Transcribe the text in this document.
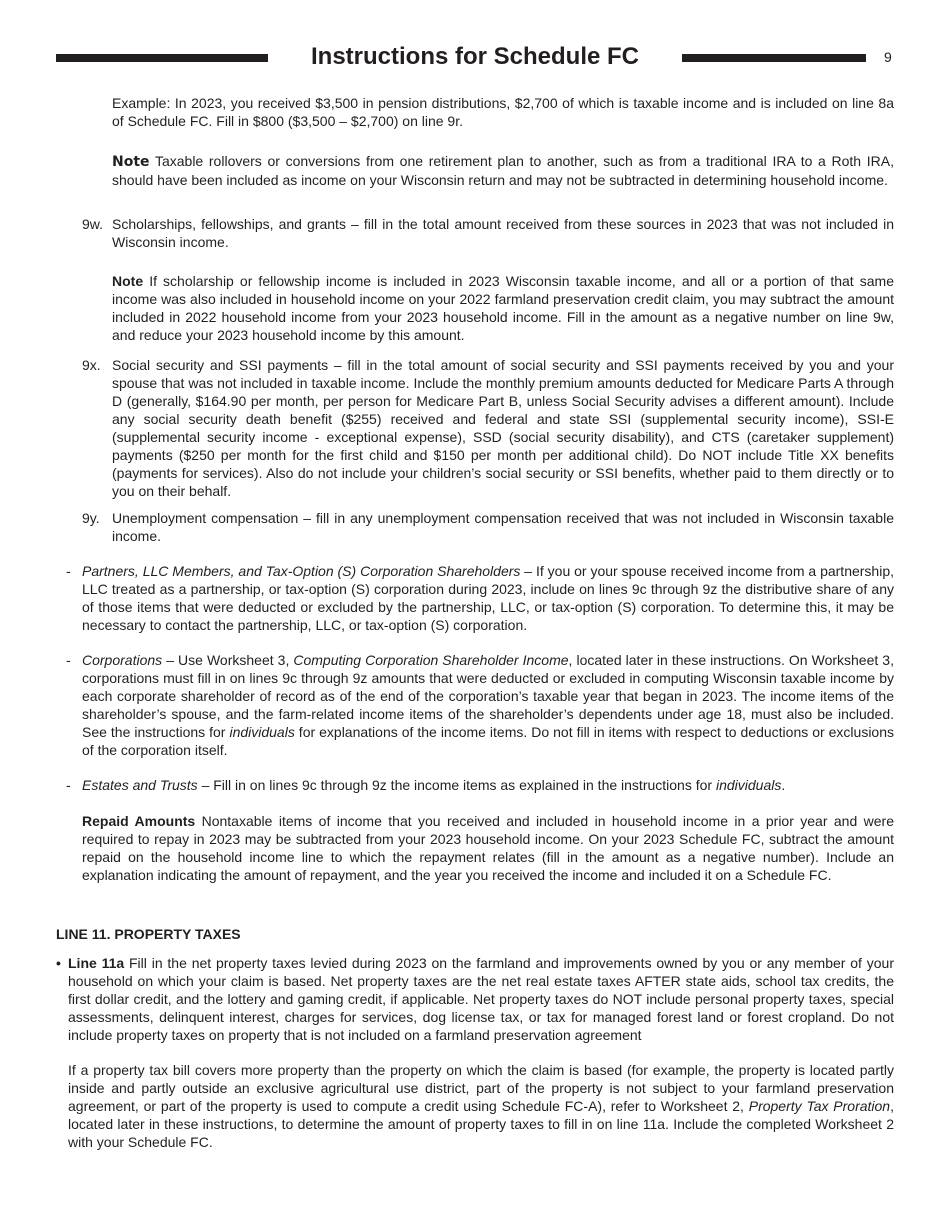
Instructions for Schedule FC	9
Example: In 2023, you received $3,500 in pension distributions, $2,700 of which is taxable income and is included on line 8a of Schedule FC. Fill in $800 ($3,500 – $2,700) on line 9r.
Note Taxable rollovers or conversions from one retirement plan to another, such as from a traditional IRA to a Roth IRA, should have been included as income on your Wisconsin return and may not be subtracted in determining household income.
9w. Scholarships, fellowships, and grants – fill in the total amount received from these sources in 2023 that was not included in Wisconsin income.
Note If scholarship or fellowship income is included in 2023 Wisconsin taxable income, and all or a portion of that same income was also included in household income on your 2022 farmland preservation credit claim, you may subtract the amount included in 2022 household income from your 2023 household income. Fill in the amount as a negative number on line 9w, and reduce your 2023 household income by this amount.
9x. Social security and SSI payments – fill in the total amount of social security and SSI payments received by you and your spouse that was not included in taxable income. Include the monthly premium amounts deducted for Medicare Parts A through D (generally, $164.90 per month, per person for Medicare Part B, unless Social Security advises a different amount). Include any social security death benefit ($255) received and federal and state SSI (supplemental security income), SSI-E (supplemental security income - exceptional expense), SSD (social security disability), and CTS (caretaker supplement) payments ($250 per month for the first child and $150 per month per additional child). Do NOT include Title XX benefits (payments for services). Also do not include your children’s social security or SSI benefits, whether paid to them directly or to you on their behalf.
9y. Unemployment compensation – fill in any unemployment compensation received that was not included in Wisconsin taxable income.
- Partners, LLC Members, and Tax-Option (S) Corporation Shareholders – If you or your spouse received income from a partnership, LLC treated as a partnership, or tax-option (S) corporation during 2023, include on lines 9c through 9z the distributive share of any of those items that were deducted or excluded by the partnership, LLC, or tax-option (S) corporation. To determine this, it may be necessary to contact the partnership, LLC, or tax-option (S) corporation.
- Corporations – Use Worksheet 3, Computing Corporation Shareholder Income, located later in these instructions. On Worksheet 3, corporations must fill in on lines 9c through 9z amounts that were deducted or excluded in computing Wisconsin taxable income by each corporate shareholder of record as of the end of the corporation’s taxable year that began in 2023. The income items of the shareholder’s spouse, and the farm-related income items of the shareholder’s dependents under age 18, must also be included. See the instructions for individuals for explanations of the income items. Do not fill in items with respect to deductions or exclusions of the corporation itself.
- Estates and Trusts – Fill in on lines 9c through 9z the income items as explained in the instructions for individuals.
Repaid Amounts Nontaxable items of income that you received and included in household income in a prior year and were required to repay in 2023 may be subtracted from your 2023 household income. On your 2023 Schedule FC, subtract the amount repaid on the household income line to which the repayment relates (fill in the amount as a negative number). Include an explanation indicating the amount of repayment, and the year you received the income and included it on a Schedule FC.
LINE 11. PROPERTY TAXES
• Line 11a Fill in the net property taxes levied during 2023 on the farmland and improvements owned by you or any member of your household on which your claim is based. Net property taxes are the net real estate taxes AFTER state aids, school tax credits, the first dollar credit, and the lottery and gaming credit, if applicable. Net property taxes do NOT include personal property taxes, special assessments, delinquent interest, charges for services, dog license tax, or tax for managed forest land or forest cropland. Do not include property taxes on property that is not included on a farmland preservation agreement
If a property tax bill covers more property than the property on which the claim is based (for example, the property is located partly inside and partly outside an exclusive agricultural use district, part of the property is not subject to your farmland preservation agreement, or part of the property is used to compute a credit using Schedule FC-A), refer to Worksheet 2, Property Tax Proration, located later in these instructions, to determine the amount of property taxes to fill in on line 11a. Include the completed Worksheet 2 with your Schedule FC.
